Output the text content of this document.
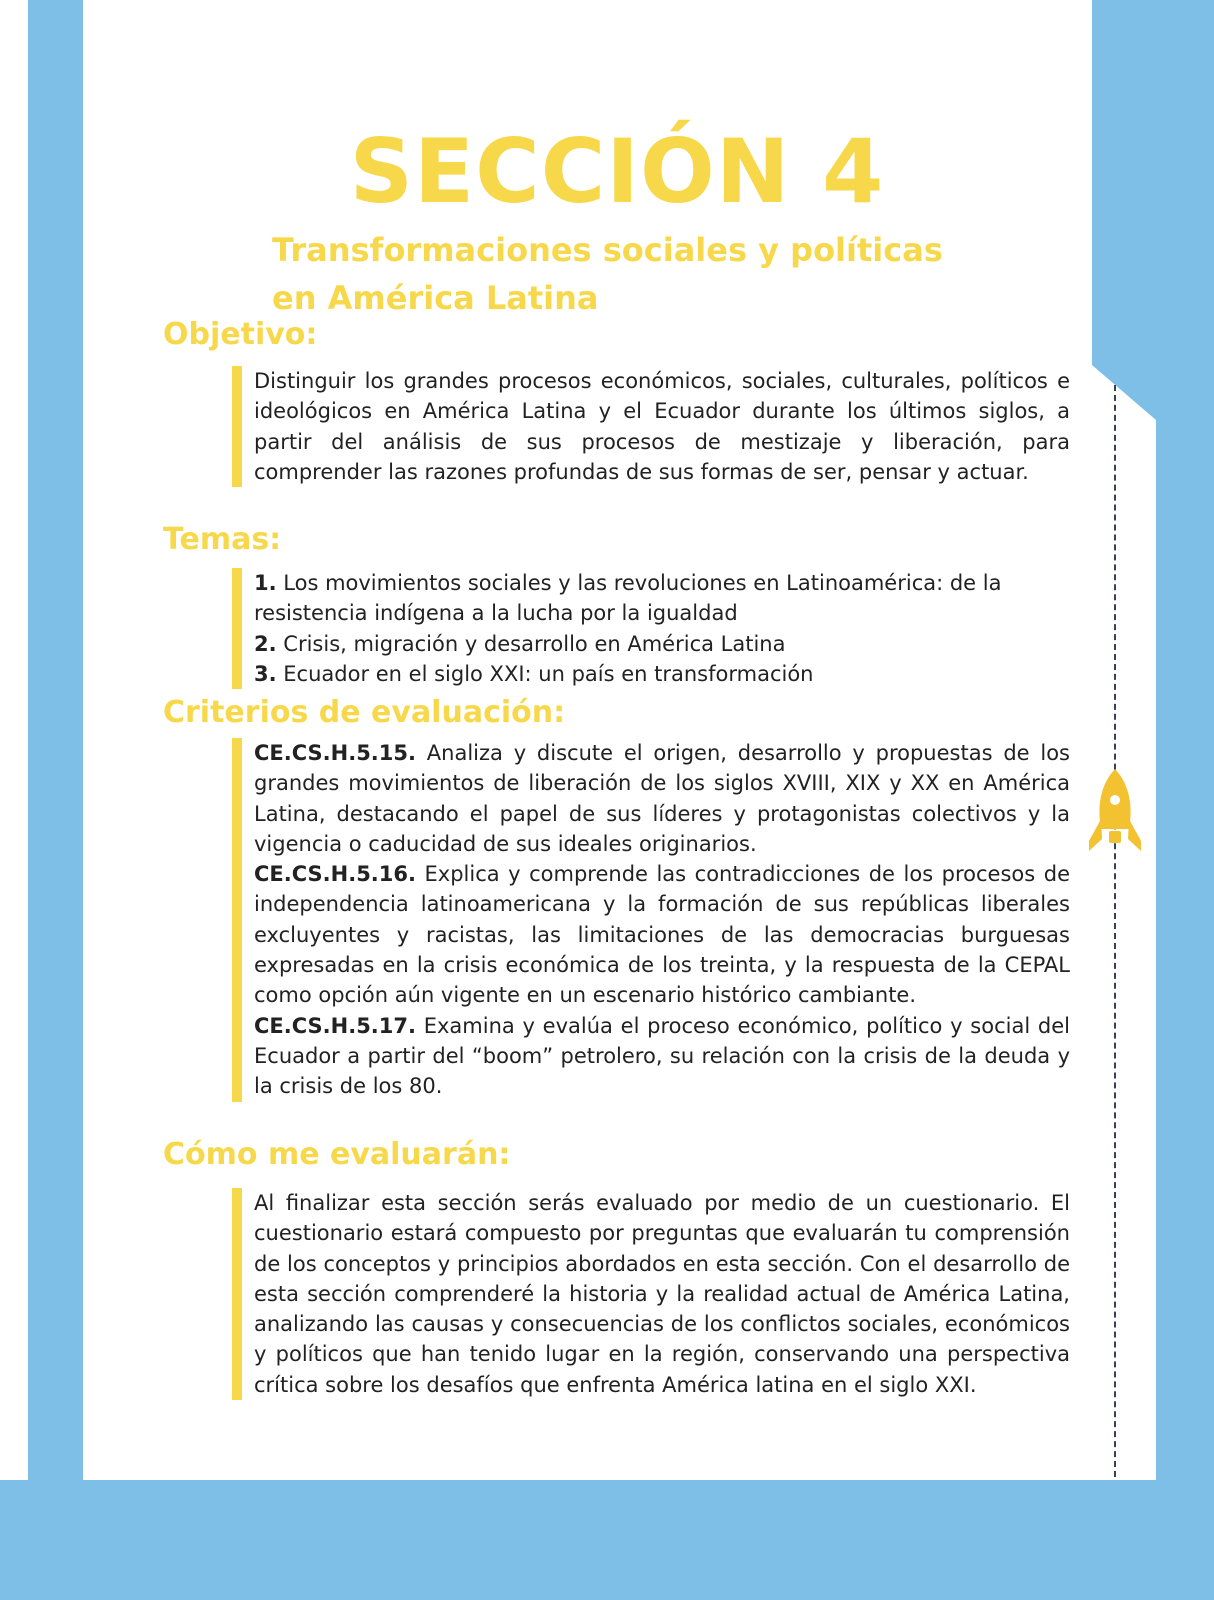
SECCIÓN 4
Transformaciones sociales y políticas
en América Latina
Objetivo:

Distinguir los grandes procesos económicos, sociales, culturales, políticos e ideológicos en América Latina y el Ecuador durante los últimos siglos, a partir del análisis de sus procesos de mestizaje y liberación, para comprender las razones profundas de sus formas de ser, pensar y actuar.

Temas:

1. Los movimientos sociales y las revoluciones en Latinoamérica: de la resistencia indígena a la lucha por la igualdad

2. Crisis, migración y desarrollo en América Latina

3. Ecuador en el siglo XXI: un país en transformación

Criterios de evaluación:

CE.CS.H.5.15. Analiza y discute el origen, desarrollo y propuestas de los grandes movimientos de liberación de los siglos XVIII, XIX y XX en América Latina, destacando el papel de sus líderes y protagonistas colectivos y la vigencia o caducidad de sus ideales originarios.

CE.CS.H.5.16. Explica y comprende las contradicciones de los procesos de independencia latinoamericana y la formación de sus repúblicas liberales excluyentes y racistas, las limitaciones de las democracias burguesas expresadas en la crisis económica de los treinta, y la respuesta de la CEPAL como opción aún vigente en un escenario histórico cambiante.

CE.CS.H.5.17. Examina y evalúa el proceso económico, político y social del Ecuador a partir del “boom” petrolero, su relación con la crisis de la deuda y la crisis de los 80.

Cómo me evaluarán:

Al finalizar esta sección serás evaluado por medio de un cuestionario. El cuestionario estará compuesto por preguntas que evaluarán tu comprensión de los conceptos y principios abordados en esta sección. Con el desarrollo de esta sección comprenderé la historia y la realidad actual de América Latina, analizando las causas y consecuencias de los conflictos sociales, económicos y políticos que han tenido lugar en la región, conservando una perspectiva crítica sobre los desafíos que enfrenta América latina en el siglo XXI.
